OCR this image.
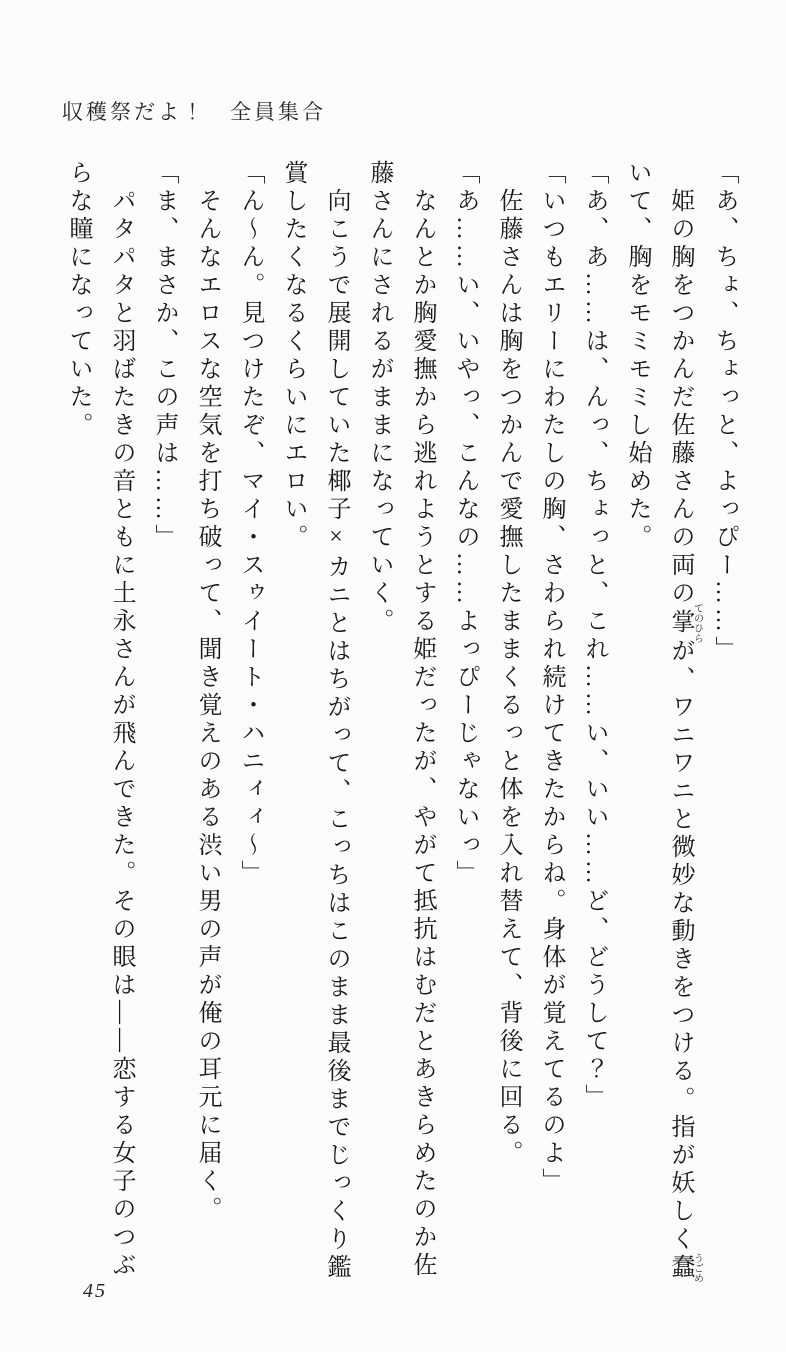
収穫祭だよ！　全員集合
「あ、ちょ、ちょっと、よっぴー……」
姫の胸をつかんだ佐藤さんの両の掌てのひらが、ワニワニと微妙な動きをつける。指が妖しく蠢うごめ
いて、胸をモミモミし始めた。
「あ、あ……は、んっ、ちょっと、これ……い、いい……ど、どうして？」
「いつもエリーにわたしの胸、さわられ続けてきたからね。身体が覚えてるのよ」
佐藤さんは胸をつかんで愛撫したままくるっと体を入れ替えて、背後に回る。
「あ……い、いやっ、こんなの……よっぴーじゃないっ」
なんとか胸愛撫から逃れようとする姫だったが、やがて抵抗はむだとあきらめたのか佐
藤さんにされるがままになっていく。
向こうで展開していた椰子×カニとはちがって、こっちはこのまま最後までじっくり鑑
賞したくなるくらいにエロい。
「ん〜ん。見つけたぞ、マイ・スゥイート・ハニィィ〜」
そんなエロスな空気を打ち破って、聞き覚えのある渋い男の声が俺の耳元に届く。
「ま、まさか、この声は……」
パタパタと羽ばたきの音ともに土永さんが飛んできた。その眼は――恋する女子のつぶ
らな瞳になっていた。
45
